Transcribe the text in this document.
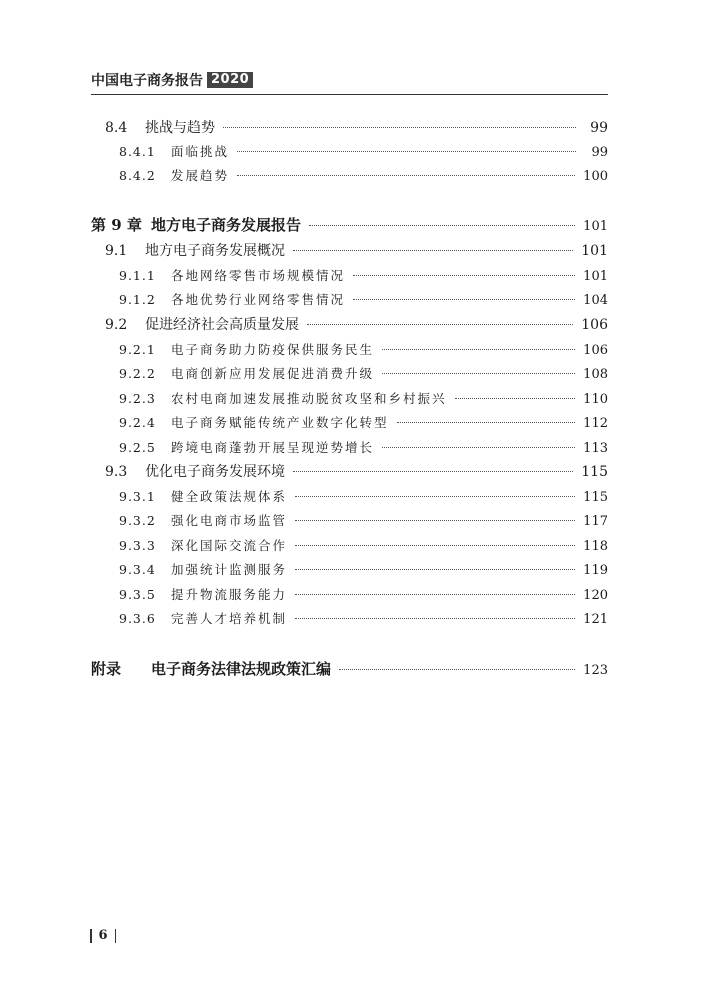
中国电子商务报告 2020
8.4	挑战与趋势	99
8.4.1	面临挑战	99
8.4.2	发展趋势	100
第 9 章 地方电子商务发展报告	101
9.1	地方电子商务发展概况	101
9.1.1	各地网络零售市场规模情况	101
9.1.2	各地优势行业网络零售情况	104
9.2	促进经济社会高质量发展	106
9.2.1	电子商务助力防疫保供服务民生	106
9.2.2	电商创新应用发展促进消费升级	108
9.2.3	农村电商加速发展推动脱贫攻坚和乡村振兴	110
9.2.4	电子商务赋能传统产业数字化转型	112
9.2.5	跨境电商蓬勃开展呈现逆势增长	113
9.3	优化电子商务发展环境	115
9.3.1	健全政策法规体系	115
9.3.2	强化电商市场监管	117
9.3.3	深化国际交流合作	118
9.3.4	加强统计监测服务	119
9.3.5	提升物流服务能力	120
9.3.6	完善人才培养机制	121
附录	电子商务法律法规政策汇编	123
6
